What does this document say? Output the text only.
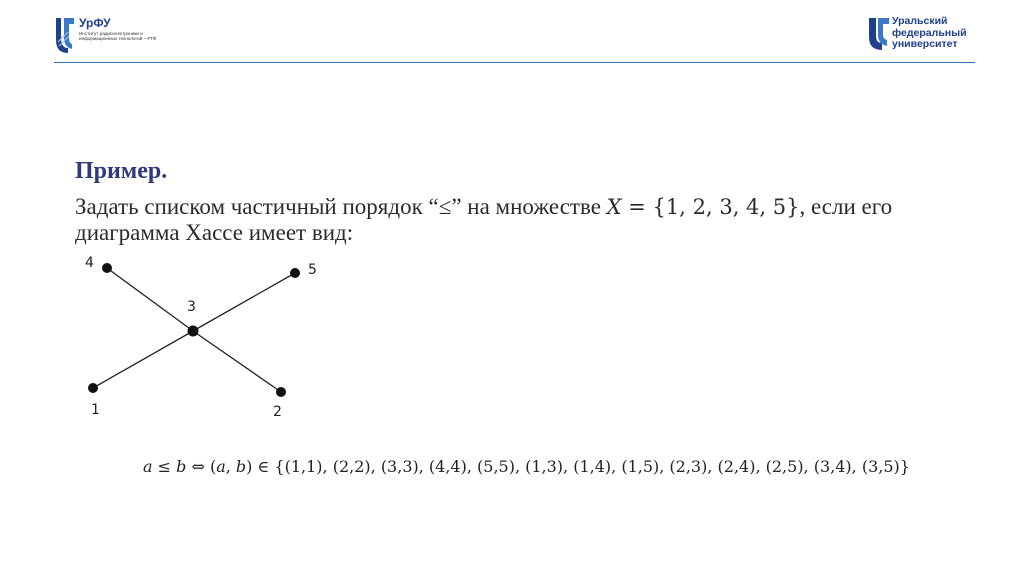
УрФУ
Институт радиоэлектроники и информационных технологий – РТФ
Уральский
федеральный
университет
Пример.
Задать списком частичный порядок “≤” на множестве X = {1, 2, 3, 4, 5}, если его диаграмма Хассе имеет вид:
1	2
3
4	5
a ≤ b ⇔ (a, b) ∈ {(1,1), (2,2), (3,3), (4,4), (5,5), (1,3), (1,4), (1,5), (2,3), (2,4), (2,5), (3,4), (3,5)}
